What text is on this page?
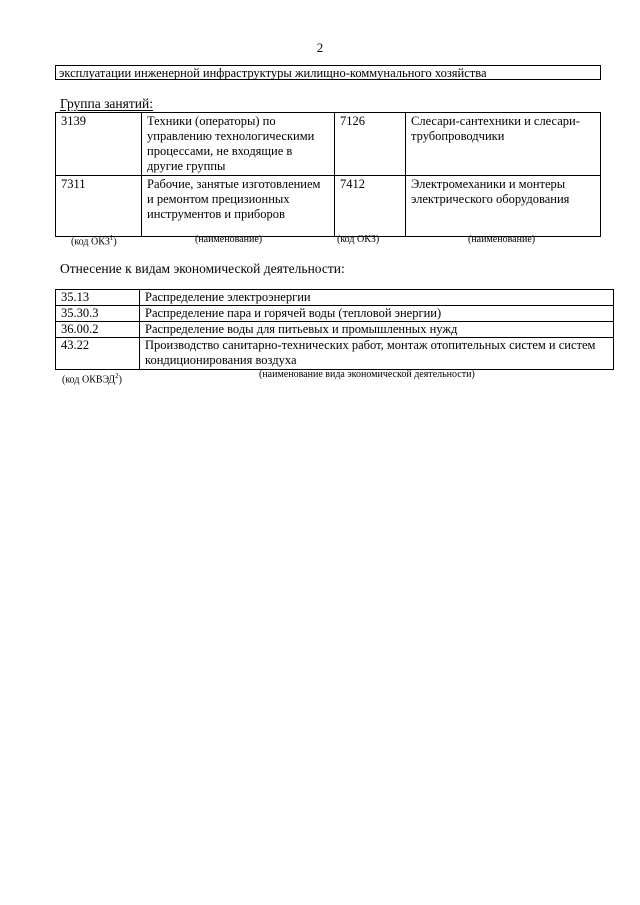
2
эксплуатации инженерной инфраструктуры жилищно-коммунального хозяйства
Группа занятий:
3139	Техники (операторы) по управлению технологическими процессами, не входящие в другие группы	7126	Слесари-сантехники и слесари-трубопроводчики
7311	Рабочие, занятые изготовлением и ремонтом прецизионных инструментов и приборов	7412	Электромеханики и монтеры электрического оборудования
(код ОКЗ$^1$)	(наименование)	(код ОКЗ)	(наименование)
Отнесение к видам экономической деятельности:
35.13	Распределение электроэнергии
35.30.3	Распределение пара и горячей воды (тепловой энергии)
36.00.2	Распределение воды для питьевых и промышленных нужд
43.22	Производство санитарно-технических работ, монтаж отопительных систем и систем кондиционирования воздуха
(код ОКВЭД$^2$)	(наименование вида экономической деятельности)
